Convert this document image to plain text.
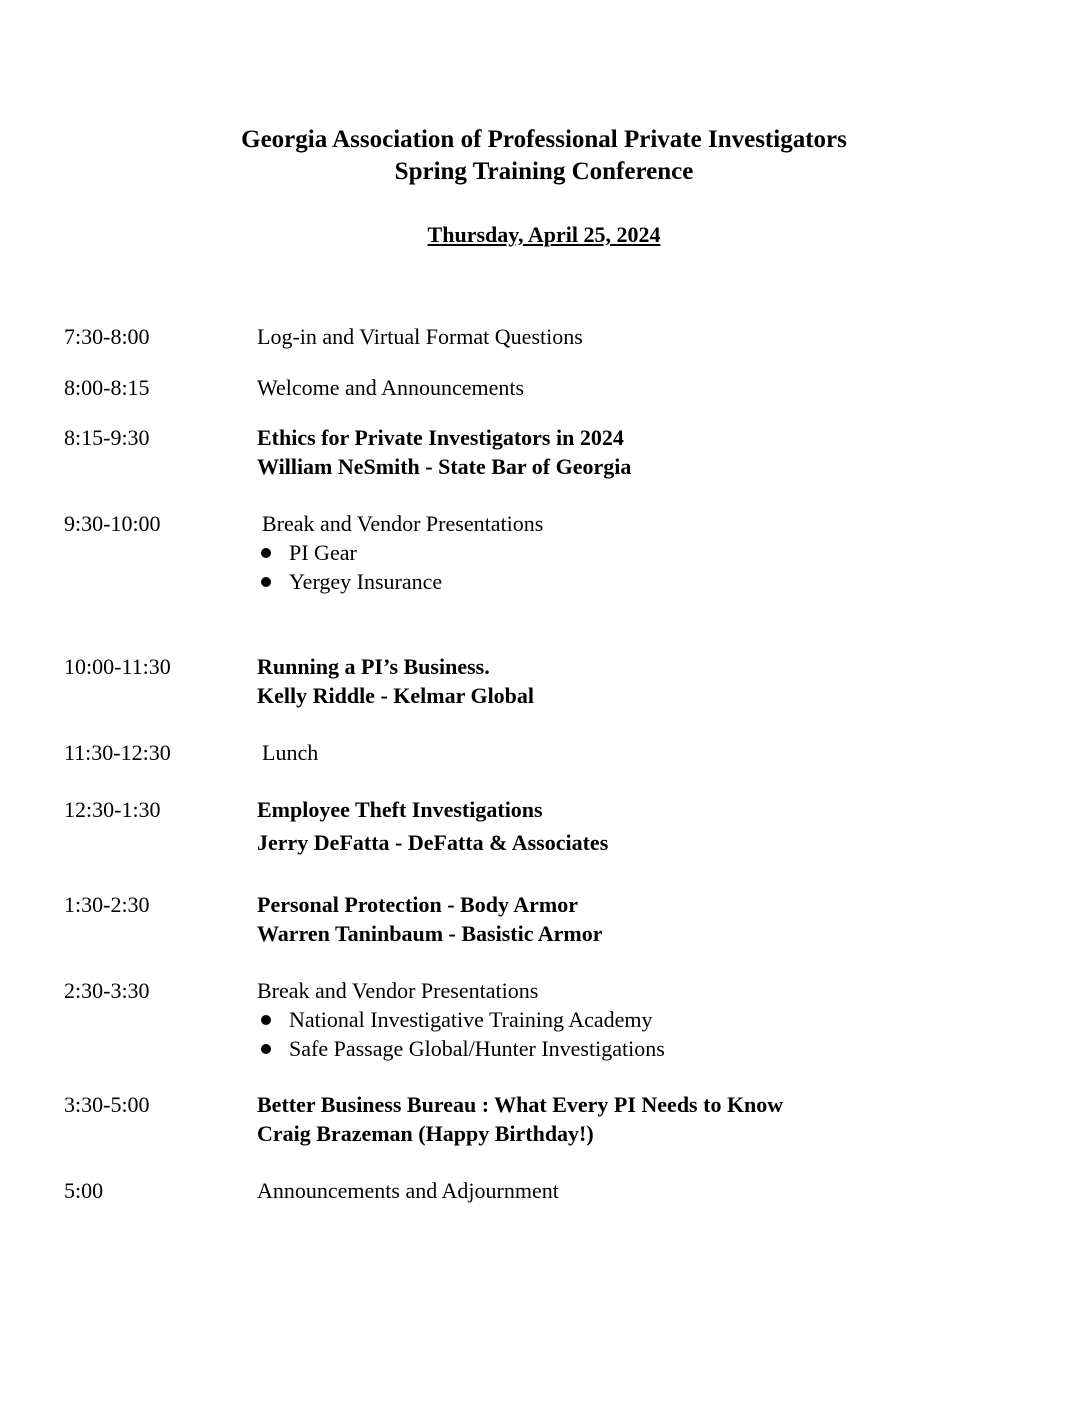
Georgia Association of Professional Private Investigators
Spring Training Conference
Thursday, April 25, 2024
7:30-8:00	Log-in and Virtual Format Questions
8:00-8:15	Welcome and Announcements
8:15-9:30	Ethics for Private Investigators in 2024
William NeSmith - State Bar of Georgia
9:30-10:00	Break and Vendor Presentations
PI Gear
Yergey Insurance
10:00-11:30	Running a PI’s Business.
Kelly Riddle - Kelmar Global
11:30-12:30	Lunch
12:30-1:30	Employee Theft Investigations
Jerry DeFatta - DeFatta & Associates
1:30-2:30	Personal Protection - Body Armor
Warren Taninbaum - Basistic Armor
2:30-3:30	Break and Vendor Presentations
National Investigative Training Academy
Safe Passage Global/Hunter Investigations
3:30-5:00	Better Business Bureau : What Every PI Needs to Know
Craig Brazeman (Happy Birthday!)
5:00	Announcements and Adjournment
